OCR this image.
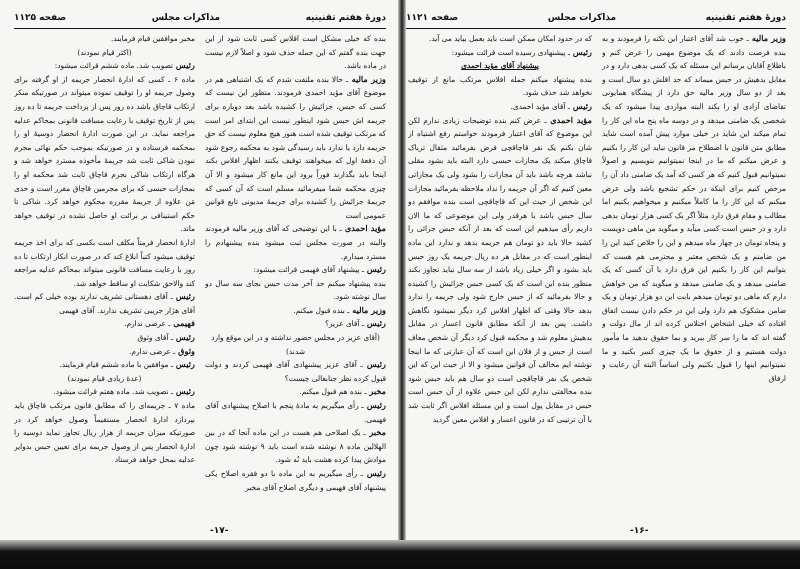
دورهٔ هفتم تقنینیه
مذاکرات مجلس
صفحه ۱۱۲۵

بنده که خیلی مشکل است اقلاس کسی ثابت شود از این جهت بنده گفتم که این جمله حذف شود و اصلاً لازم نیست در ماده باشد.

وزیر مالیه ـ حالا بنده ملتفت شدم که یک اشتباهی هم در موضوع آقای مؤید احمدی فرمودند. منظور این نیست که کسی که حبس، جزائیش را کشیده باشد بعد دوباره برای جریمه اش حبس شود اینطور نیست این ابتدای امر است که مرتکب توقیف شده است هنوز هیچ معلوم نیست که حق جریمه دارد یا ندارد باید رسیدگی شود به محکمه رجوع شود آن دفعهٔ اول که میخواهند توقیف بکنند اظهار افلاس بکند اینجا باید بگذارند فوراً برود این مانع کار میشود و الا آن چیزی محکمه شما میفرمائید مسلم است که آن کسی که جریمهٔ جزائیش را کشیده برای جریمهٔ مدیونی تابع قوانین عمومی است

مؤید احمدی ـ با این توضیحی که آقای وزیر مالیه فرمودند والبته در صورت مجلس ثبت میشود بنده پیشنهادم را مسترد میدارم.

رئیس ـ پیشنهاد آقای فهیمی قرائت میشود:

بنده پیشنهاد میکنم حد آخر مدت حبس بجای سه سال دو سال نوشته شود.

وزیر مالیه ـ بنده قبول میکنم.

رئیس ـ آقای عزیز؟

(آقای عزیز در مجلس حضور نداشته و در این موقع وارد شدند)

رئیس ـ آقای عزیز پیشنهادی آقای فهیمی کردند و دولت قبول کرده نظر جنابعالی چیست؟

مخبر ـ بنده هم قبول میکنم.

رئیس ـ رأی میگیریم به مادهٔ پنجم با اصلاح پیشنهادی آقای فهیمی.

مخبر ـ یک اصلاحی هم هست در این ماده آنجا که در بین الهلالین ماده ۸ نوشته شده است باید ۹ نوشته شود چون موادش پیدا کرده هشت باید نُه شود.

رئیس ـ رأی میگیریم به این ماده با دو فقره اصلاح یکی پیشنهاد آقای فهیمی و دیگری اصلاح آقای مخبر

مخبر موافقین قیام فرمایند.

(اکثر قیام نمودند)

رئیس تصویب شد. ماده ششم قرائت میشود:

ماده ۶ ـ کسی که ادارهٔ انحصار جریمه از او گرفته برای وصول جریمه او را توقیف نموده میتواند در صورتیکه منکر ارتکاب قاچاق باشد ده روز پس از پرداخت جریمه تا ده روز پس از تاریخ توقیف با رعایت مسافت قانونی بمحاکم عدلیه مراجعه نماید. در این صورت ادارهٔ انحصار دوسیهٔ او را بمحکمه فرستاده و در صورتیکه بموجب حکم نهائی مجرم نبودن شاکی ثابت شد جریمهٔ مأخوذه مسترد خواهد شد و هرگاه ارتکاب شاکی بجرم قاچاق ثابت شد محکمه او را بمجازات حبسی که برای مجرمین قاچاق مقرر است و حدی مَن علاوه از جریمهٔ مقرره محکوم خواهد کرد. شاکی تا حکم استینافی بر برائت او حاصل نشده در توقیف خواهد ماند.

ادارهٔ انحصار فرمتاً مکلف است بکسی که برای اخذ جریمه توقیف میشود کتباً ابلاغ کند که در صورت انکار ارتکاب تا ده روز با رعایت مسافت قانونی میتواند بمحاکم عدلیه مراجعه کند والاحق شکایت او ساقط خواهد شد.

رئیس ـ آقای دهستانی تشریف ندارند بوده خیلی کم است. آقای هژار جریبی تشریف ندارند. آقای فهیمی

فهیمی ـ عرضی ندارم.

رئیس ـ آقای وثوق

وثوق ـ عرضی ندارم.

رئیس ـ موافقین با ماده ششم قیام فرمایند.

(عدهٔ زیادی قیام نمودند)

رئیس ـ تصویب شد. ماده هفتم قرائت میشود.

ماده ۷ ـ جریمه‌ای را که مطابق قانون مرتکب قاچاق باید بپردازد ادارهٔ انحصار مستقیماً وصول خواهد کرد در صورتیکه میزان جریمه از هزار ریال تجاوز نماید دوسیه را ادارهٔ انحصار پس از وصول جریمه برای تعیین حبس بدوایر عدلیه بمحل خواهد فرستاد

-۱۷-
دورهٔ هفتم تقنینیه
مذاکرات مجلس
صفحه ۱۱۲۱

وزیر مالیه ـ خوب شد آقای اعتبار این نکته را فرمودند و به بنده فرصت دادند که یک موضوع مهمی را عرض کنم و باطلاع آقایان برسانم این مسئله که یک کسی بدهی دارد و در مقابل بدهیش در حبس میماند که حد اقلش دو سال است و بعد از دو سال وزیر مالیه حق دارد از پیشگاه همایونی تقاضای آزادی او را بکند البته مواردی پیدا میشود که یک شخصی یک ضامنی میدهد و در دوسه ماه پنج ماه این کار را تمام میکند این شاید در خیلی موارد پیش آمده است شاید مطابق متن قانون با اصطلاح مر قانون نباید این کار را بکنیم و عرض میکنم که ما در اینجا نمیتوانیم بنویسیم و اصولاً نمیتوانیم قبول کنیم که هر کسی که آمد یک ضامنی داد آن را مرخص کنیم برای اینکه در حکم تشجیع باشد ولی عرض میکنم که این کار را ما کاملاً میکنیم و میخواهیم بکنیم اما مطالب و مقام فرق دارد مثلاً اگر یک کسی هزار تومان بدهی دارد و در حبس است کسی میآید و میگوید من ماهی دویست و پنجاه تومان در چهار ماه میدهم و این را خلاص کنید این را من ضامنم و یک شخص معتبر و محترمی هم هست که بتوانیم این کار را بکنیم این فرق دارد با آن کسی که یک ضامنی میدهد و یک ضامنی میدهد و میگوید که من خواهش دارم که ماهی دو تومان میدهم بابت این دو هزار تومان و یک ضامن مشکوک هم دارد ولی این در حکم دادن نیست اتفاق افتاده که خیلی اشخاص اختلاس کرده اند از مال دولت و گفته اند که ما را سر کار ببرید و بما حقوق بدهید ما مأمور دولت هستیم و از حقوق ما یک چیزی کسر بکنید و ما نمیتوانیم اینها را قبول بکنیم ولی اساساً البته آن رعایت و ارفاق

که در حدود امکان ممکن است باید بعمل بیاید می آید.

رئیس ـ پیشنهادی رسیده است قرائت میشود:

پیشنهاد آقای مؤید احمدی

بنده پیشنهاد میکنم جمله افلاس مرتکب مانع از توقیف نخواهد شد حذف شود.

رئیس ـ آقای مؤید احمدی.

مؤید احمدی ـ عرض کنم بنده توضیحات زیادی ندارم لکن این موضوع که آقای اعتبار فرمودند خواستم رفع اشتباه از شان بکنم یک نفر قاچاقچی فرض بفرمائید مثقال تریاک قاچاق میکند یک مجازات حبسی دارد البته باید بشود مقلی نباشد هرچه باشد باید آن مجازات را بشود ولی یک مجازاتی معین کنیم که اگر آن جریمه را نداد ملاحظه بفرمائید مجازات این شخص از حیث این که قاچاقچی است بنده موافقم دو سال حبس باشد با هرقدر ولی این موضوعی که ما الان داریم رأی میدهیم این است که بعد از آنکه حبس جزائی را کشید حالا باید دو تومان هم جریمه بدهد و ندارد این ماده اینطور است که در مقابل هر ده ریال جریمه یک روز حبس باید بشود و اگر خیلی زیاد باشد از سه سال نباید تجاوز بکند منظور بنده این است که یک کسی حبس جزائیش را کشیده و حالا بفرمائید که از حبس خارج شود ولی جریمه را ندارد بدهد حالا وقتی که اظهار افلاس کرد دیگر نمیشود نگاهش داشت. پس بعد از آنکه مطابق قانون اعسار در مقابل بدهیش معلوم شد و محکمه قبول کرد دیگر آن شخص معاف است از حبس و از فلان این است که آن عبارتی که ما اینجا نوشته ایم مخالف آن قوانین میشود و الا از حیث این که این شخص یک نفر قاچاقچی است دو سال هم باید حبس شود بنده مخالفتی ندارم لکن این حبس علاوه از آن حبس است حبس در مقابل پول است و این مسئله افلاس اگر ثابت شد با آن ترتیبی که در قانون اعسار و افلاس معین گردید

-۱۶-
